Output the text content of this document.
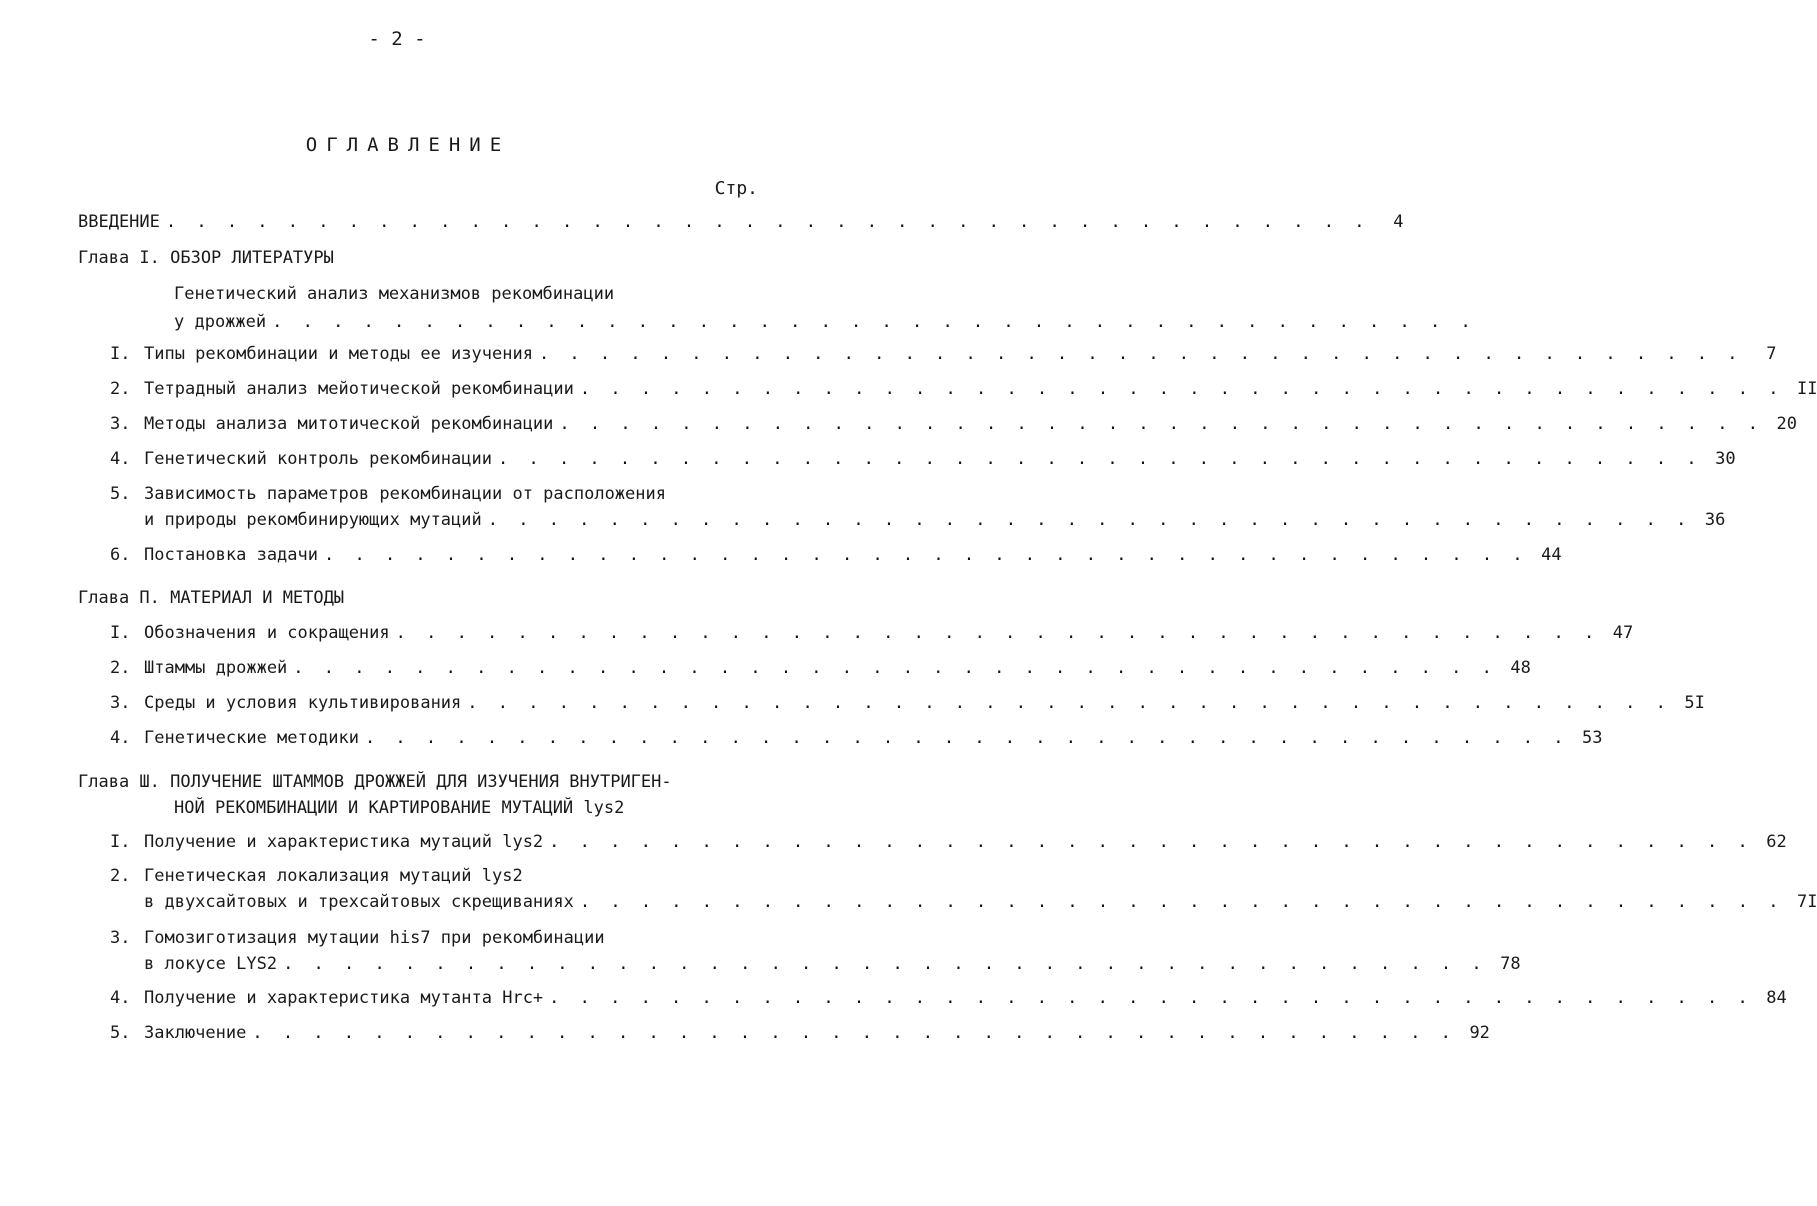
- 2 -
ОГЛАВЛЕНИЕ
Стр.
ВВЕДЕНИЕ . . . . . . . . . . . . . . . . . . . . . . . . . . . . . . . . . . . . . . . .	4
Глава I. ОБЗОР ЛИТЕРАТУРЫ
Генетический анализ механизмов рекомбинации
у дрожжей . . . . . . . . . . . . . . . . . . . . . . . . . . . . . . . . . . . . . . . .
I. Типы рекомбинации и методы ее изучения . . . . . . . . . . . . . . . . . . . . . . . . . . . . . . . . . . . . . . . .	7
2. Тетрадный анализ мейотической рекомбинации . . . . . . . . . . . . . . . . . . . . . . . . . . . . . . . . . . . . . . . . II
3. Методы анализа митотической рекомбинации . . . . . . . . . . . . . . . . . . . . . . . . . . . . . . . . . . . . . . . . 20
4. Генетический контроль рекомбинации . . . . . . . . . . . . . . . . . . . . . . . . . . . . . . . . . . . . . . . . 30
5. Зависимость параметров рекомбинации от расположения
и природы рекомбинирующих мутаций . . . . . . . . . . . . . . . . . . . . . . . . . . . . . . . . . . . . . . . . 36
6. Постановка задачи . . . . . . . . . . . . . . . . . . . . . . . . . . . . . . . . . . . . . . . . 44
Глава П. МАТЕРИАЛ И МЕТОДЫ
I. Обозначения и сокращения . . . . . . . . . . . . . . . . . . . . . . . . . . . . . . . . . . . . . . . . 47
2. Штаммы дрожжей . . . . . . . . . . . . . . . . . . . . . . . . . . . . . . . . . . . . . . . . 48
3. Среды и условия культивирования . . . . . . . . . . . . . . . . . . . . . . . . . . . . . . . . . . . . . . . . 5I
4. Генетические методики . . . . . . . . . . . . . . . . . . . . . . . . . . . . . . . . . . . . . . . . 53
Глава Ш. ПОЛУЧЕНИЕ ШТАММОВ ДРОЖЖЕЙ ДЛЯ ИЗУЧЕНИЯ ВНУТРИГЕН-
НОЙ РЕКОМБИНАЦИИ И КАРТИРОВАНИЕ МУТАЦИЙ lys2
I. Получение и характеристика мутаций lys2 . . . . . . . . . . . . . . . . . . . . . . . . . . . . . . . . . . . . . . . . 62
2. Генетическая локализация мутаций lys2
в двухсайтовых и трехсайтовых скрещиваниях . . . . . . . . . . . . . . . . . . . . . . . . . . . . . . . . . . . . . . . . 7I
3. Гомозиготизация мутации his7 при рекомбинации
в локусе LYS2 . . . . . . . . . . . . . . . . . . . . . . . . . . . . . . . . . . . . . . . . 78
4. Получение и характеристика мутанта Hrc+ . . . . . . . . . . . . . . . . . . . . . . . . . . . . . . . . . . . . . . . . 84
5. Заключение . . . . . . . . . . . . . . . . . . . . . . . . . . . . . . . . . . . . . . . . 92
